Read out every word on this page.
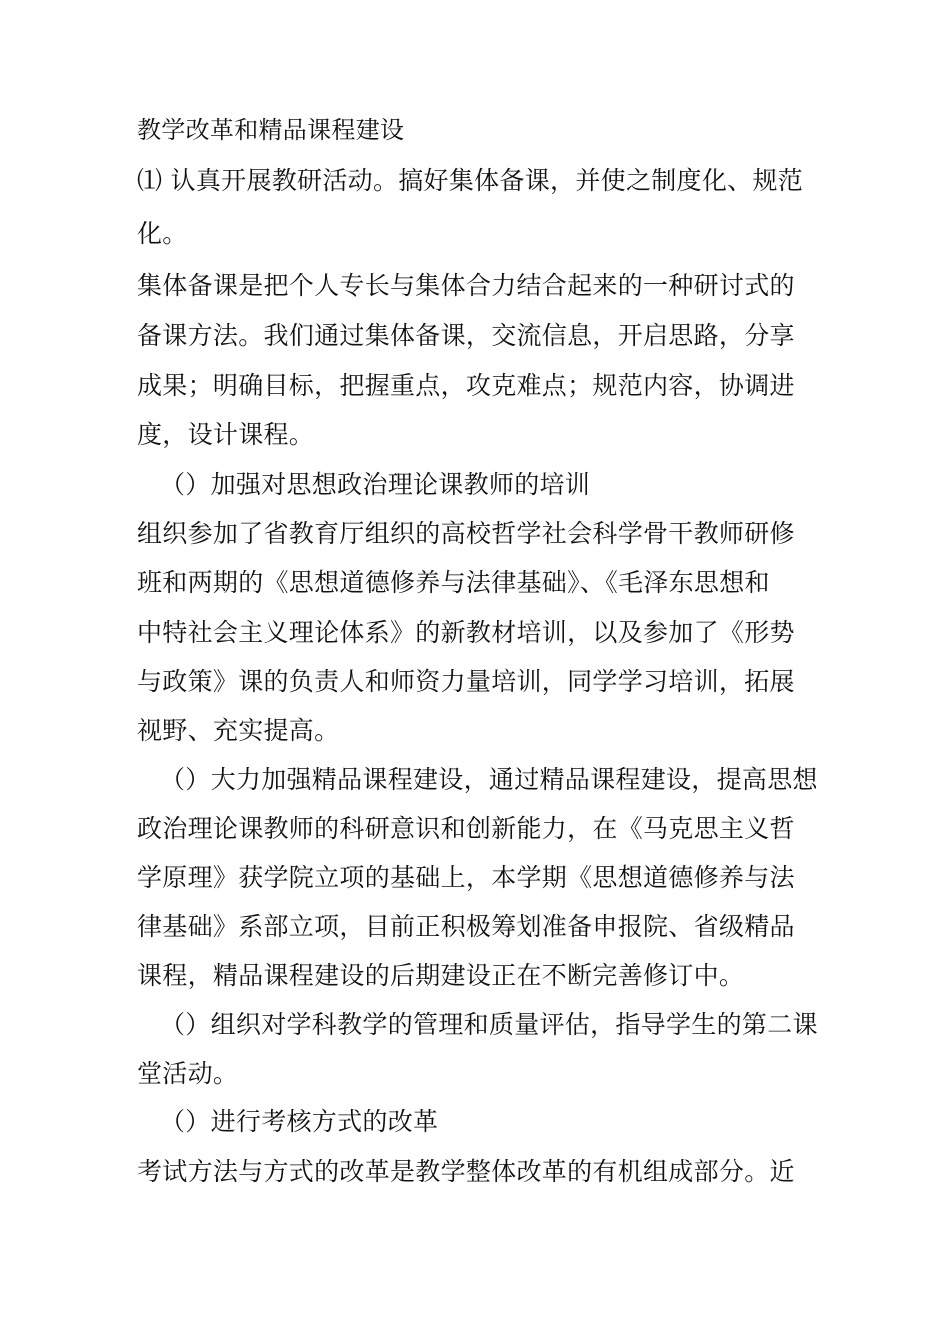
教学改革和精品课程建设
⑴ 认真开展教研活动。搞好集体备课，并使之制度化、规范
化。
集体备课是把个人专长与集体合力结合起来的一种研讨式的
备课方法。我们通过集体备课，交流信息，开启思路，分享
成果；明确目标，把握重点，攻克难点；规范内容，协调进
度，设计课程。
（）加强对思想政治理论课教师的培训
组织参加了省教育厅组织的高校哲学社会科学骨干教师研修
班和两期的《思想道德修养与法律基础》、《毛泽东思想和
中特社会主义理论体系》的新教材培训，以及参加了《形势
与政策》课的负责人和师资力量培训，同学学习培训，拓展
视野、充实提高。
（）大力加强精品课程建设，通过精品课程建设，提高思想
政治理论课教师的科研意识和创新能力，在《马克思主义哲
学原理》获学院立项的基础上，本学期《思想道德修养与法
律基础》系部立项，目前正积极筹划准备申报院、省级精品
课程，精品课程建设的后期建设正在不断完善修订中。
（）组织对学科教学的管理和质量评估，指导学生的第二课
堂活动。
（）进行考核方式的改革
考试方法与方式的改革是教学整体改革的有机组成部分。近
